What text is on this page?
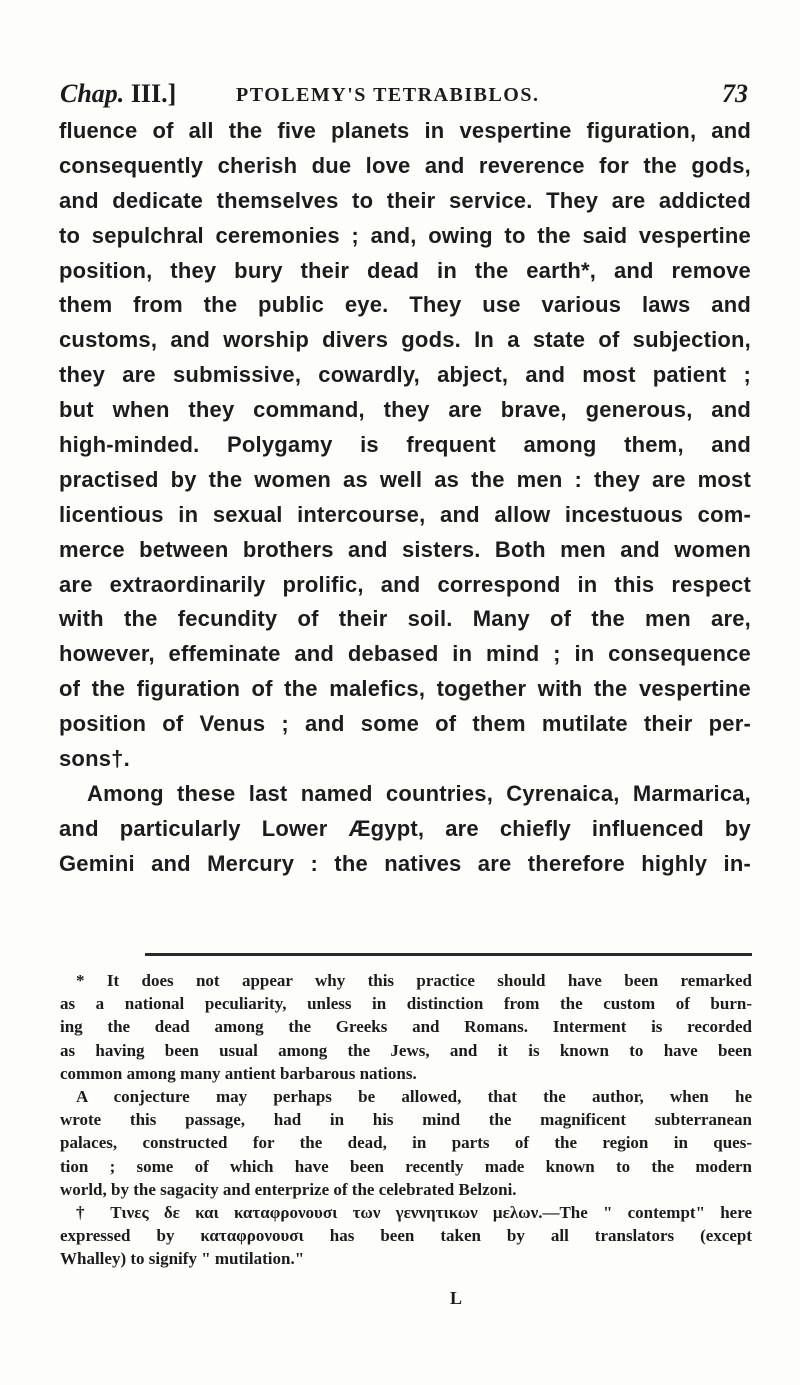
Chap. III.]	PTOLEMY'S TETRABIBLOS.	73
fluence of all the five planets in vespertine figuration, and
consequently cherish due love and reverence for the gods,
and dedicate themselves to their service. They are addicted
to sepulchral ceremonies ; and, owing to the said vespertine
position, they bury their dead in the earth*, and remove
them from the public eye. They use various laws and
customs, and worship divers gods. In a state of subjection,
they are submissive, cowardly, abject, and most patient ;
but when they command, they are brave, generous, and
high-minded. Polygamy is frequent among them, and
practised by the women as well as the men : they are most
licentious in sexual intercourse, and allow incestuous com-
merce between brothers and sisters. Both men and women
are extraordinarily prolific, and correspond in this respect
with the fecundity of their soil. Many of the men are,
however, effeminate and debased in mind ; in consequence
of the figuration of the malefics, together with the vespertine
position of Venus ; and some of them mutilate their per-
sons†.
Among these last named countries, Cyrenaica, Marmarica,
and particularly Lower Ægypt, are chiefly influenced by
Gemini and Mercury : the natives are therefore highly in-
* It does not appear why this practice should have been remarked
as a national peculiarity, unless in distinction from the custom of burn-
ing the dead among the Greeks and Romans. Interment is recorded
as having been usual among the Jews, and it is known to have been
common among many antient barbarous nations.
A conjecture may perhaps be allowed, that the author, when he
wrote this passage, had in his mind the magnificent subterranean
palaces, constructed for the dead, in parts of the region in ques-
tion ; some of which have been recently made known to the modern
world, by the sagacity and enterprize of the celebrated Belzoni.
† Τινες δε και καταφρονουσι των γεννητικων μελων.—The " contempt" here
expressed by καταφρονουσι has been taken by all translators (except
Whalley) to signify " mutilation."
L
